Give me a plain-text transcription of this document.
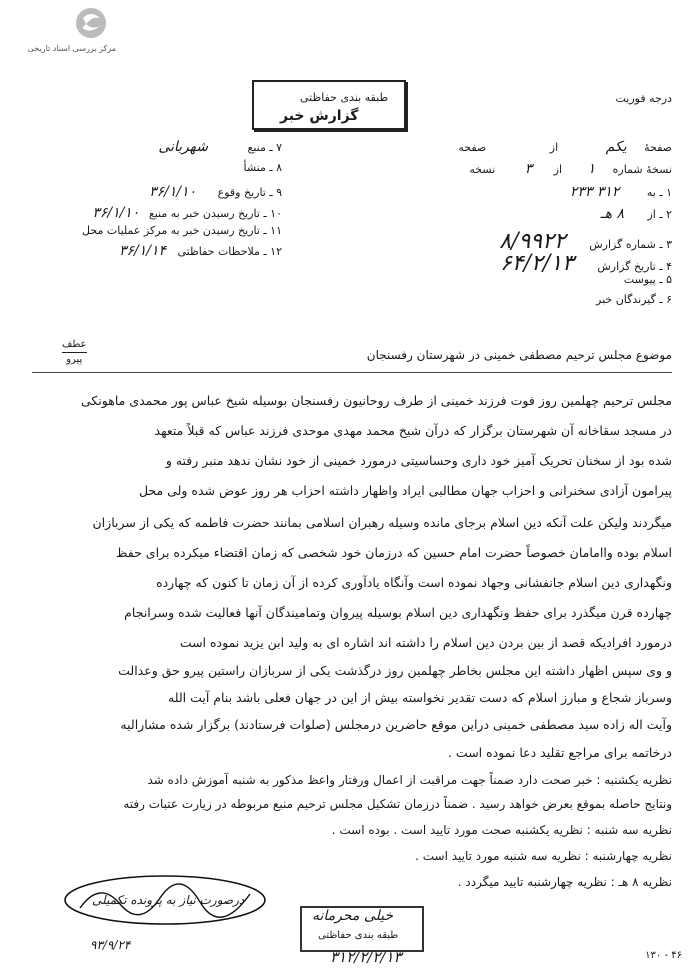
مرکز بررسی اسناد تاریخی
طبقه بندی حفاظتی
گزارش خبر
درجه فوریت
صفحهٔ یکم از صفحه
نسخهٔ شماره ۱ از ۳ نسخه
۱ ـ به ۳۱۲ ۲۳۳
۲ ـ از ۸ هـ
۳ ـ شماره گزارش ۸/۹۹۲۲
۴ ـ تاریخ گزارش ۶۴/۲/۱۳
۵ ـ پیوست
۶ ـ گیرندگان خبر
۷ ـ منبع شهربانی
۸ ـ منشأ
۹ ـ تاریخ وقوع ۳۶/۱/۱۰
۱۰ ـ تاریخ رسیدن خبر به منبع ۳۶/۱/۱۰
۱۱ ـ تاریخ رسیدن خبر به مرکز عملیات محل
۱۲ ـ ملاحظات حفاظتی ۳۶/۱/۱۴
موضوع مجلس ترحیم مصطفی خمینی در شهرستان رفسنجان
عطف
پیرو
مجلس ترحیم چهلمین روز فوت فرزند خمینی از طرف روحانیون رفسنجان بوسیله شیخ عباس پور محمدی ماهونکی
در مسجد سقاخانه آن شهرستان برگزار که درآن شیخ محمد مهدی موحدی فرزند عباس که قبلاً متعهد
شده بود از سخنان تحریک آمیز خود داری وحساسیتی درمورد خمینی از خود نشان ندهد منبر رفته و
پیرامون آزادی سخنرانی و احزاب جهان مطالبی ایراد واظهار داشته احزاب هر روز عوض شده ولی محل
میگردند ولیکن علت آنکه دین اسلام برجای مانده وسیله رهبران اسلامی بمانند حضرت فاطمه که یکی از سربازان
اسلام بوده واامامان خصوصاً حضرت امام حسین که درزمان خود شخصی که زمان اقتضاء میکرده برای حفظ
ونگهداری دین اسلام جانفشانی وجهاد نموده است وآنگاه یادآوری کرده از آن زمان تا کنون که چهارده
چهارده قرن میگذرد برای حفظ ونگهداری دین اسلام بوسیله پیروان وتمامیندگان آنها فعالیت شده وسرانجام
درمورد افرادیکه قصد از بین بردن دین اسلام را داشته اند اشاره ای به ولید ابن یزید نموده است
و وی سپس اظهار داشته این مجلس بخاطر چهلمین روز درگذشت یکی از سربازان راستین پیرو حق وعدالت
وسرباز شجاع و مبارز اسلام که دست تقدیر نخواسته بیش از این در جهان فعلی باشد بنام آیت الله
وآیت اله زاده سید مصطفی خمینی دراین موقع حاضرین درمجلس (صلوات فرستادند) برگزار شده مشارالیه
درخاتمه برای مراجع تقلید دعا نموده است .
نظریه یکشنبه : خبر صحت دارد ضمناً جهت مراقبت از اعمال ورفتار واعظ مذکور به شنبه آموزش داده شد
ونتایج حاصله بموقع بعرض خواهد رسید . ضمناً درزمان تشکیل مجلس ترحیم منبع مربوطه در زیارت عتبات رفته
نظریه سه شنبه : نظریه یکشنبه صحت مورد تایید است . بوده است .
نظریه چهارشنبه : نظریه سه شنبه مورد تایید است .
نظریه ۸ هـ : نظریه چهارشنبه تایید میگردد .
درصورت نیاز به پرونده تکمیلی
خیلی محرمانه
طبقه بندی حفاظتی
۹۳/۹/۲۴
۳۱۲/۲/۲/۱۳	۱۳۰ - ۴۶
